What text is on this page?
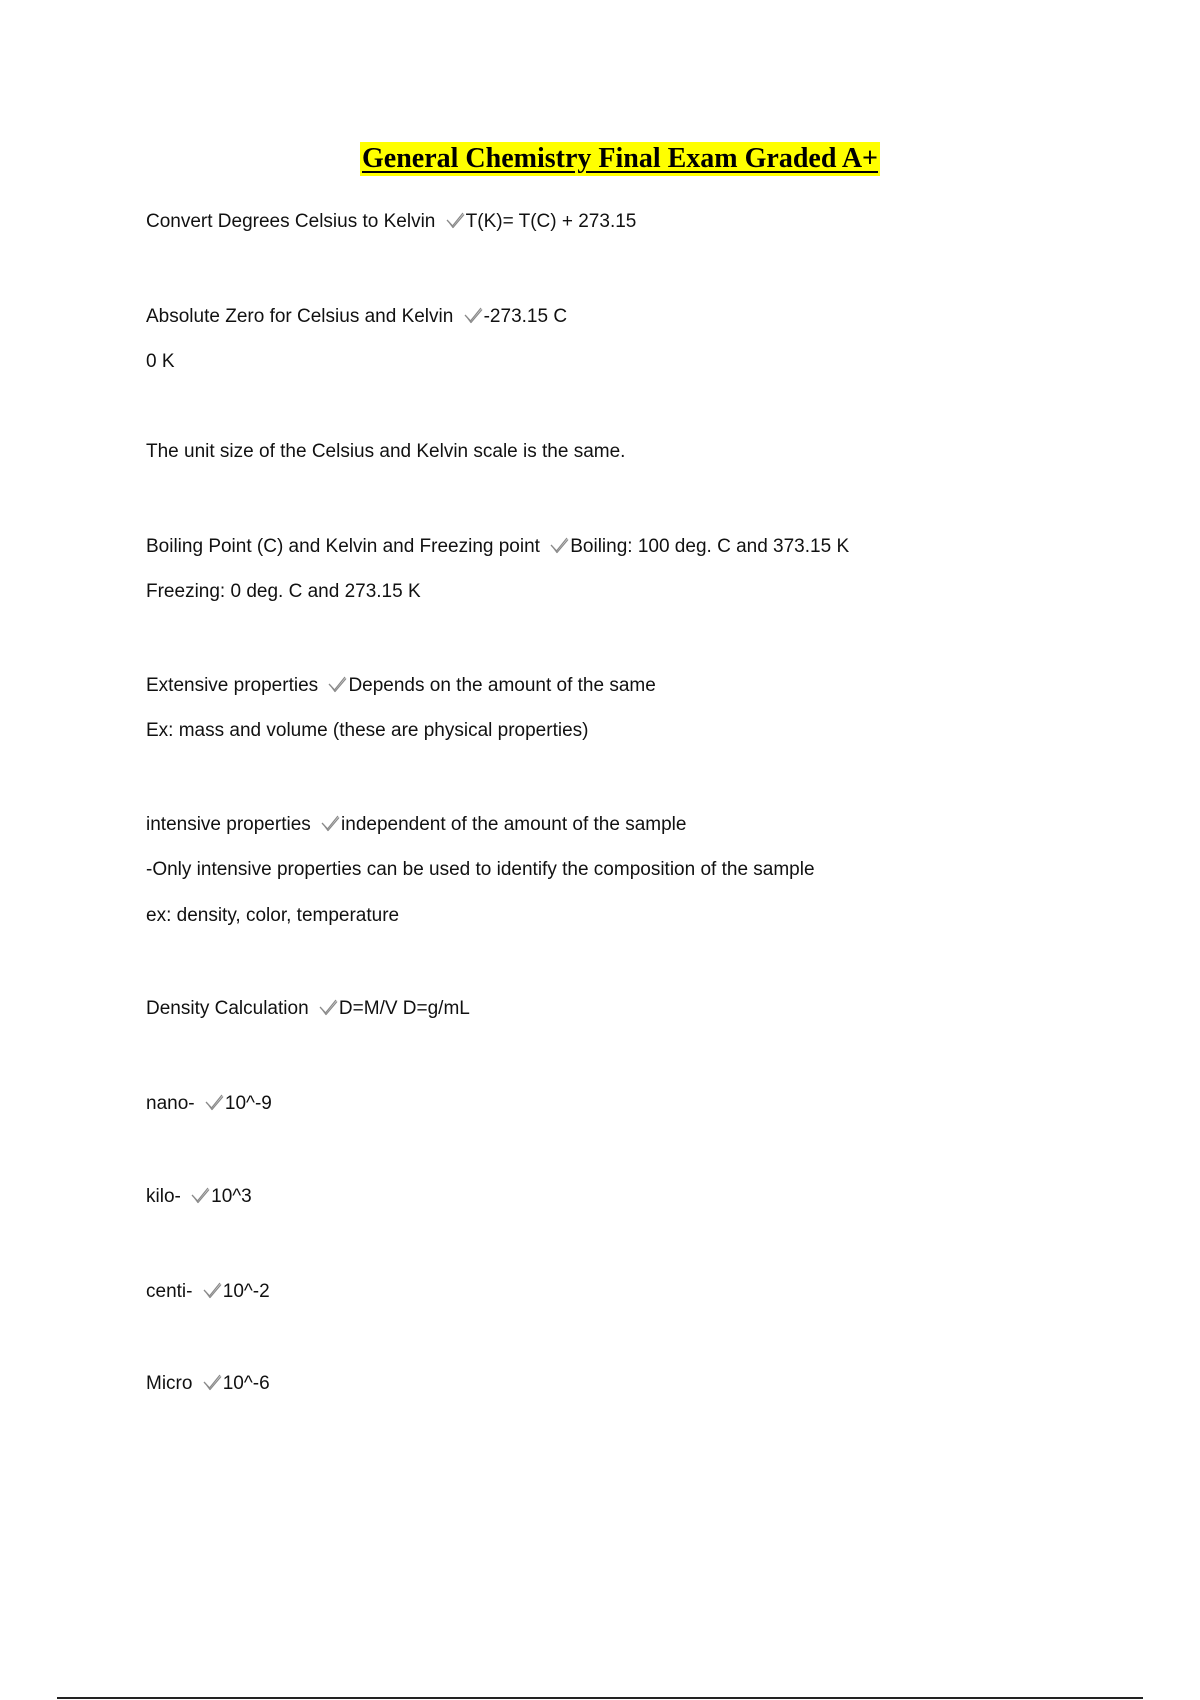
General Chemistry Final Exam Graded A+
Convert Degrees Celsius to Kelvin T(K)= T(C) + 273.15
Absolute Zero for Celsius and Kelvin -273.15 C
0 K
The unit size of the Celsius and Kelvin scale is the same.
Boiling Point (C) and Kelvin and Freezing point Boiling: 100 deg. C and 373.15 K
Freezing: 0 deg. C and 273.15 K
Extensive properties Depends on the amount of the same
Ex: mass and volume (these are physical properties)
intensive properties independent of the amount of the sample
-Only intensive properties can be used to identify the composition of the sample
ex: density, color, temperature
Density Calculation D=M/V D=g/mL
nano- 10^-9
kilo- 10^3
centi- 10^-2
Micro 10^-6
